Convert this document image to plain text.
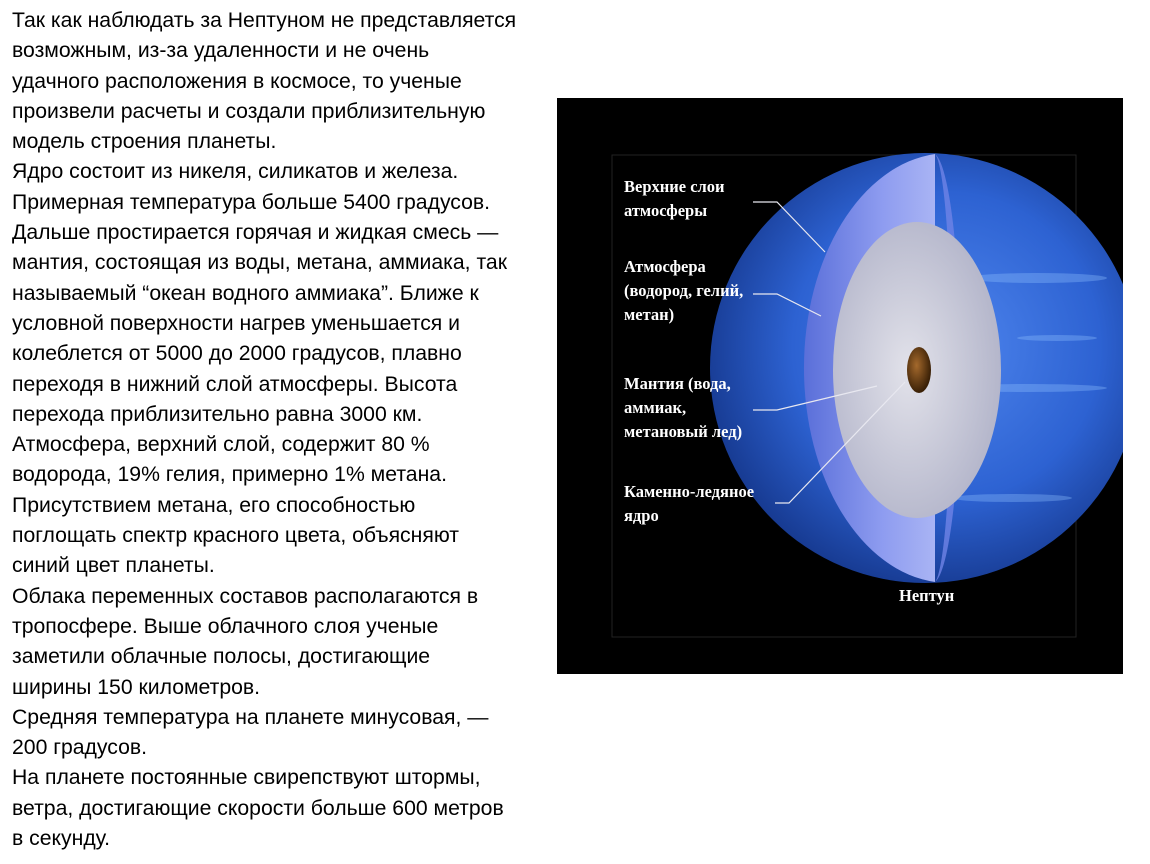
Так как наблюдать за Нептуном не представляется
возможным, из-за удаленности и не очень
удачного расположения в космосе, то ученые
произвели расчеты и создали приблизительную
модель строения планеты.
Ядро состоит из никеля, силикатов и железа.
Примерная температура больше 5400 градусов.
Дальше простирается горячая и жидкая смесь —
мантия, состоящая из воды, метана, аммиака, так
называемый “океан водного аммиака”. Ближе к
условной поверхности нагрев уменьшается и
колеблется от 5000 до 2000 градусов, плавно
переходя в нижний слой атмосферы. Высота
перехода приблизительно равна 3000 км.
Атмосфера, верхний слой, содержит 80 %
водорода, 19% гелия, примерно 1% метана.
Присутствием метана, его способностью
поглощать спектр красного цвета, объясняют
синий цвет планеты.
Облака переменных составов располагаются в
тропосфере. Выше облачного слоя ученые
заметили облачные полосы, достигающие
ширины 150 километров.
Средняя температура на планете минусовая, —
200 градусов.
На планете постоянные свирепствуют штормы,
ветра, достигающие скорости больше 600 метров
в секунду.
Верхние слои
атмосферы
Атмосфера
(водород, гелий,
метан)
Мантия (вода,
аммиак,
метановый лед)
Каменно-ледяное
ядро
Нептун
